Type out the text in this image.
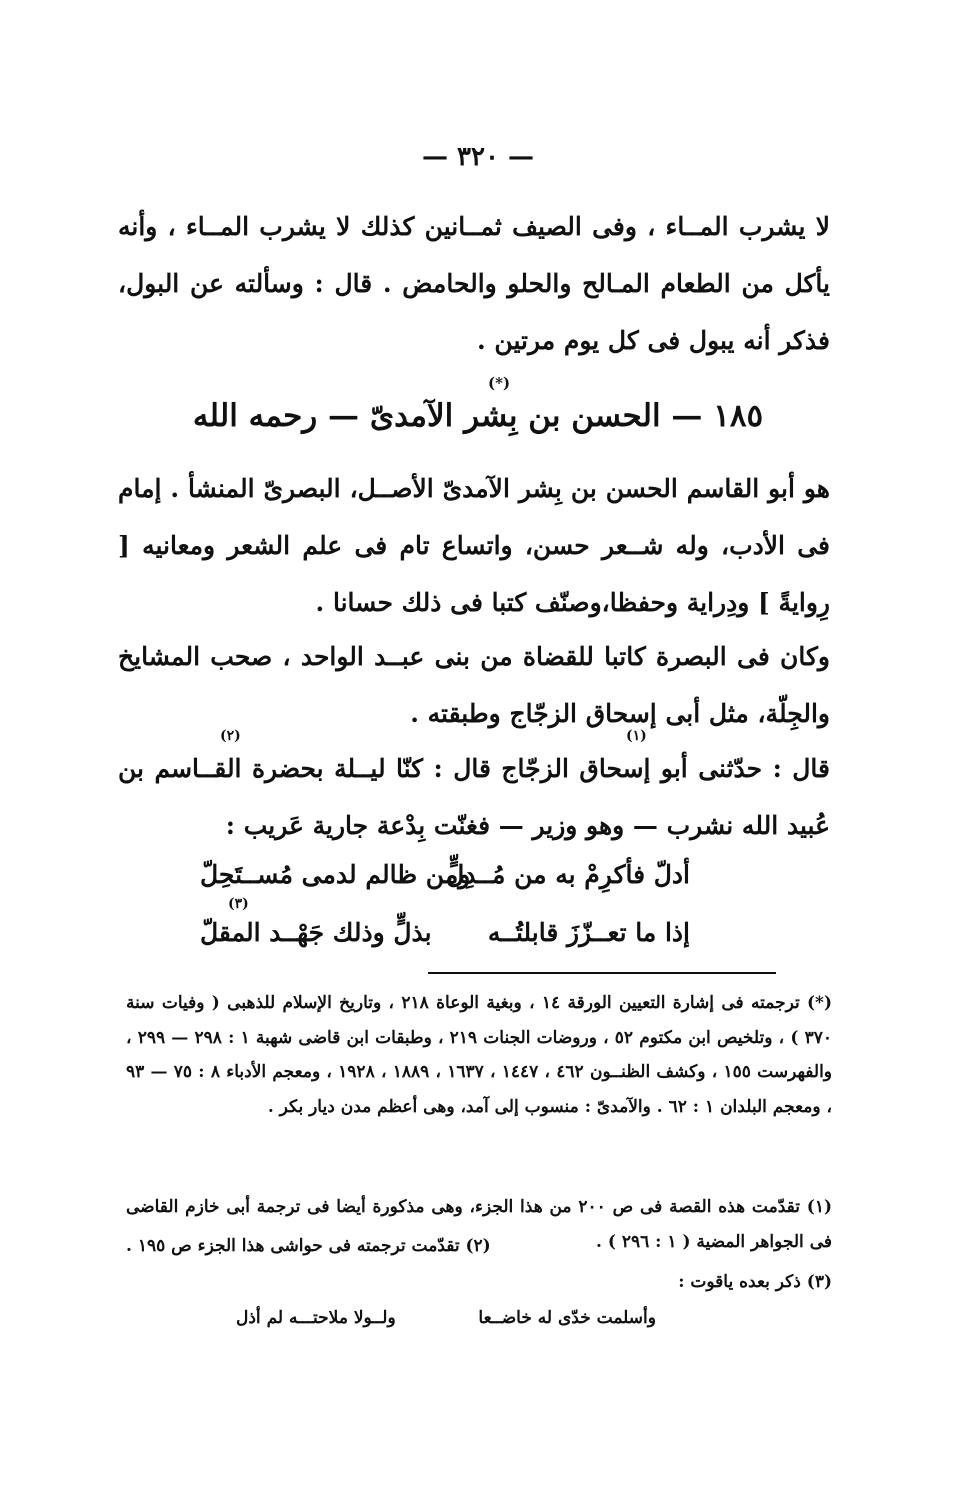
— ٣٢٠ —
لا يشرب المــاء ، وفى الصيف ثمــانين كذلك لا يشرب المــاء ، وأنه يأكل من الطعام المـالح والحلو والحامض . قال : وسألته عن البول، فذكر أنه يبول فى كل يوم مرتين .
(*)
١٨٥ — الحسن بن بِشر الآمدىّ — رحمه الله
هو أبو القاسم الحسن بن بِشر الآمدىّ الأصــل، البصرىّ المنشأ . إمام فى الأدب، وله شــعر حسن، واتساع تام فى علم الشعر ومعانيه [ رِوايةً ] ودِراية وحفظا،وصنّف كتبا فى ذلك حسانا .
وكان فى البصرة كاتبا للقضاة من بنى عبــد الواحد ، صحب المشايخ والجِلّة، مثل أبى إسحاق الزجّاج وطبقته .
(١)
(٢)
قال : حدّثنى أبو إسحاق الزجّاج قال : كنّا ليــلة بحضرة القــاسم بن عُبيد الله نشرب — وهو وزير — فغنّت بِدْعة جارية عَريب :
أدلّ فأكرِمْ به من مُــدِلٍّ
ومن ظالم لدمى مُســتَحِلّ
(٣)
إذا ما تعــزّزَ قابلتُــه
بذلٍّ وذلك جَهْــد المقلّ
(*) ترجمته فى إشارة التعيين الورقة ١٤ ، وبغية الوعاة ٢١٨ ، وتاريخ الإسلام للذهبى ( وفيات سنة ٣٧٠ ) ، وتلخيص ابن مكتوم ٥٢ ، وروضات الجنات ٢١٩ ، وطبقات ابن قاضى شهبة ١ : ٢٩٨ — ٢٩٩ ، والفهرست ١٥٥ ، وكشف الظنــون ٤٦٢ ، ١٤٤٧ ، ١٦٣٧ ، ١٨٨٩ ، ١٩٢٨ ، ومعجم الأدباء ٨ : ٧٥ — ٩٣ ، ومعجم البلدان ١ : ٦٢ . والآمدىّ : منسوب إلى آمد، وهى أعظم مدن ديار بكر .
(١) تقدّمت هذه القصة فى ص ٢٠٠ من هذا الجزء، وهى مذكورة أيضا فى ترجمة أبى خازم القاضى فى الجواهر المضية ( ١ : ٢٩٦ ) .
(٢) تقدّمت ترجمته فى حواشى هذا الجزء ص ١٩٥ .
(٣) ذكر بعده ياقوت :
وأسلمت خدّى له خاضــعا
ولــولا ملاحتـــه لم أذل
